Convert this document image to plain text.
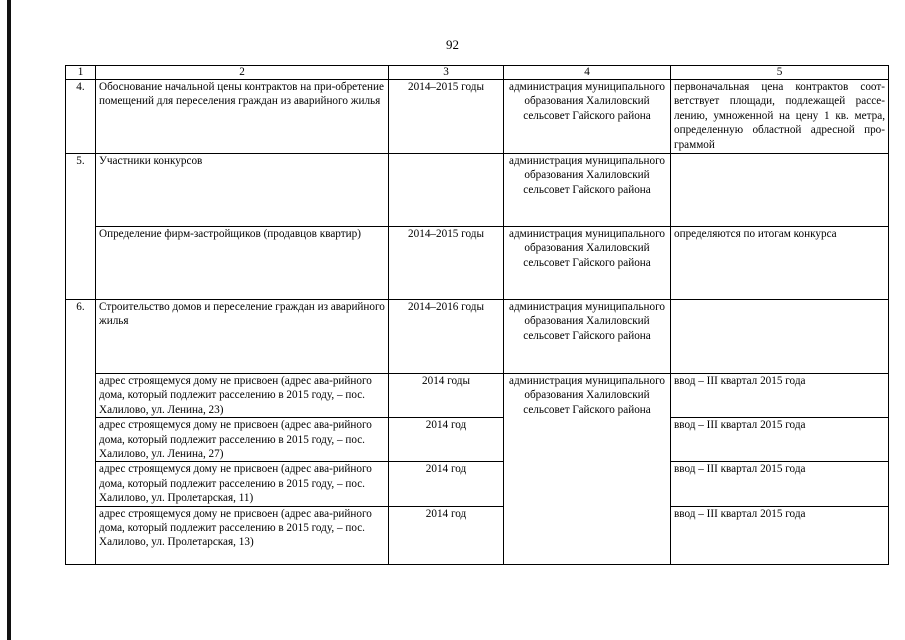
92
1	2	3	4	5
4.	Обоснование начальной цены контрактов на при-обретение помещений для переселения граждан из аварийного жилья	2014–2015 годы	администрация муниципального образования Халиловский сельсовет Гайского района	первоначальная цена контрактов соот-ветствует площади, подлежащей рассе-лению, умноженной на цену 1 кв. метра, определенную областной адресной про-граммой
5.	Участники конкурсов		администрация муниципального образования Халиловский сельсовет Гайского района	
	Определение фирм-застройщиков (продавцов квартир)	2014–2015 годы	администрация муниципального образования Халиловский сельсовет Гайского района	определяются по итогам конкурса
6.	Строительство домов и переселение граждан из аварийного жилья	2014–2016 годы	администрация муниципального образования Халиловский сельсовет Гайского района	
	адрес строящемуся дому не присвоен (адрес ава-рийного дома, который подлежит расселению в 2015 году, – пос. Халилово, ул. Ленина, 23)	2014 годы	администрация муниципального образования Халиловский сельсовет Гайского района	ввод – III квартал 2015 года
	адрес строящемуся дому не присвоен (адрес ава-рийного дома, который подлежит расселению в 2015 году, – пос. Халилово, ул. Ленина, 27)	2014 год		ввод – III квартал 2015 года
	адрес строящемуся дому не присвоен (адрес ава-рийного дома, который подлежит расселению в 2015 году, – пос. Халилово, ул. Пролетарская, 11)	2014 год		ввод – III квартал 2015 года
	адрес строящемуся дому не присвоен (адрес ава-рийного дома, который подлежит расселению в 2015 году, – пос. Халилово, ул. Пролетарская, 13)	2014 год		ввод – III квартал 2015 года
